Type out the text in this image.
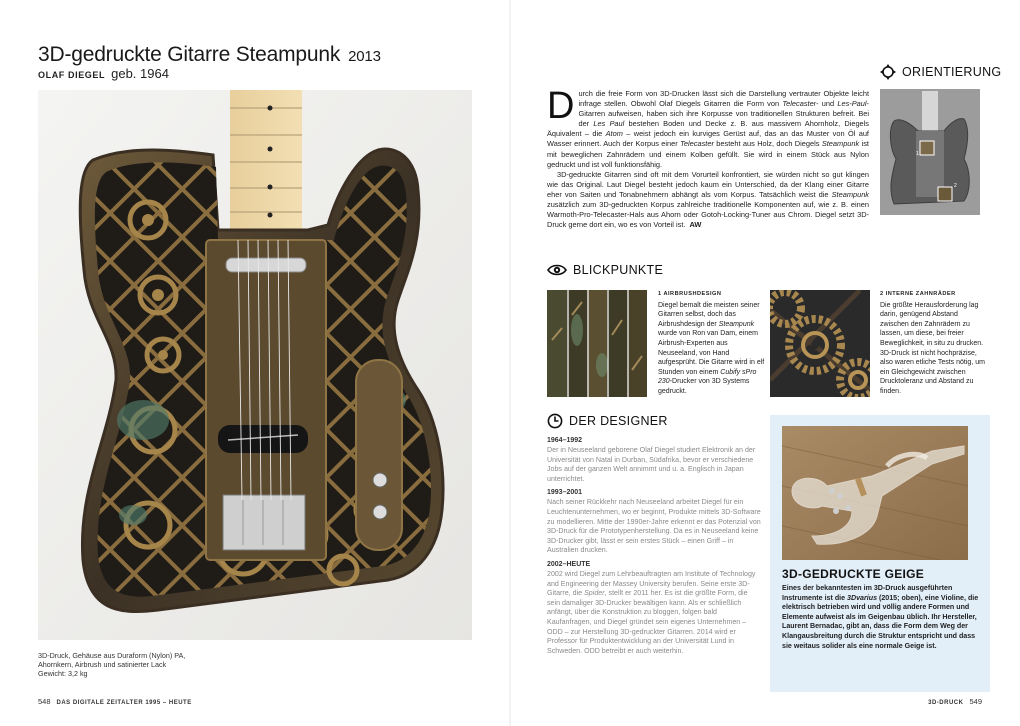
3D-gedruckte Gitarre Steampunk 2013
OLAF DIEGEL geb. 1964
3D-Druck, Gehäuse aus Duraform (Nylon) PA,
Ahornkern, Airbrush und satinierter Lack
Gewicht: 3,2 kg
548 DAS DIGITALE ZEITALTER 1995 – HEUTE

Durch die freie Form von 3D-Drucken lässt sich die Darstellung vertrauter Objekte leicht infrage stellen. Obwohl Olaf Diegels Gitarren die Form von Telecaster- und Les-Paul-Gitarren aufweisen, haben sich ihre Korpusse von traditionellen Strukturen befreit. Bei der Les Paul bestehen Boden und Decke z. B. aus massivem Ahornholz, Diegels Äquivalent – die Atom – weist jedoch ein kurviges Gerüst auf, das an das Muster von Öl auf Wasser erinnert. Auch der Korpus einer Telecaster besteht aus Holz, doch Diegels Steampunk ist mit beweglichen Zahnrädern und einem Kolben gefüllt. Sie wird in einem Stück aus Nylon gedruckt und ist voll funktionsfähig.

3D-gedruckte Gitarren sind oft mit dem Vorurteil konfrontiert, sie würden nicht so gut klingen wie das Original. Laut Diegel besteht jedoch kaum ein Unterschied, da der Klang einer Gitarre eher von Saiten und Tonabnehmern abhängt als vom Korpus. Tatsächlich weist die Steampunk zusätzlich zum 3D-gedruckten Korpus zahlreiche traditionelle Komponenten auf, wie z. B. einen Warmoth-Pro-Telecaster-Hals aus Ahorn oder Gotoh-Locking-Tuner aus Chrom. Diegel setzt 3D-Druck gerne dort ein, wo es von Vorteil ist. AW

ORIENTIERUNG
1
2
BLICKPUNKTE
1 AIRBRUSHDESIGN
Diegel bemalt die meisten seiner Gitarren selbst, doch das Airbrushdesign der Steampunk wurde von Ron van Dam, einem Airbrush-Experten aus Neuseeland, von Hand aufgesprüht. Die Gitarre wird in elf Stunden von einem Cubify sPro 230-Drucker von 3D Systems gedruckt.
2 INTERNE ZAHNRÄDER
Die größte Herausforderung lag darin, genügend Abstand zwischen den Zahnrädern zu lassen, um diese, bei freier Beweglichkeit, in situ zu drucken. 3D-Druck ist nicht hochpräzise, also waren etliche Tests nötig, um ein Gleichgewicht zwischen Drucktoleranz und Abstand zu finden.
DER DESIGNER
1964–1992
Der in Neuseeland geborene Olaf Diegel studiert Elektronik an der Universität von Natal in Durban, Südafrika, bevor er verschiedene Jobs auf der ganzen Welt annimmt und u. a. Englisch in Japan unterrichtet.
1993–2001
Nach seiner Rückkehr nach Neuseeland arbeitet Diegel für ein Leuchtenunternehmen, wo er beginnt, Produkte mittels 3D-Software zu modellieren. Mitte der 1990er-Jahre erkennt er das Potenzial von 3D-Druck für die Prototypenherstellung. Da es in Neuseeland keine 3D-Drucker gibt, lässt er sein erstes Stück – einen Griff – in Australien drucken.
2002–HEUTE
2002 wird Diegel zum Lehrbeauftragten am Institute of Technology and Engineering der Massey University berufen. Seine erste 3D-Gitarre, die Spider, stellt er 2011 her. Es ist die größte Form, die sein damaliger 3D-Drucker bewältigen kann. Als er schließlich anfängt, über die Konstruktion zu bloggen, folgen bald Kaufanfragen, und Diegel gründet sein eigenes Unternehmen – ODD – zur Herstellung 3D-gedruckter Gitarren. 2014 wird er Professor für Produktentwicklung an der Universität Lund in Schweden. ODD betreibt er auch weiterhin.
3D-GEDRUCKTE GEIGE
Eines der bekanntesten im 3D-Druck ausgeführten Instrumente ist die 3Dvarius (2015; oben), eine Violine, die elektrisch betrieben wird und völlig andere Formen und Elemente aufweist als im Geigenbau üblich. Ihr Hersteller, Laurent Bernadac, gibt an, dass die Form dem Weg der Klangausbreitung durch die Struktur entspricht und dass sie weitaus solider als eine normale Geige ist.
3D-DRUCK 549
